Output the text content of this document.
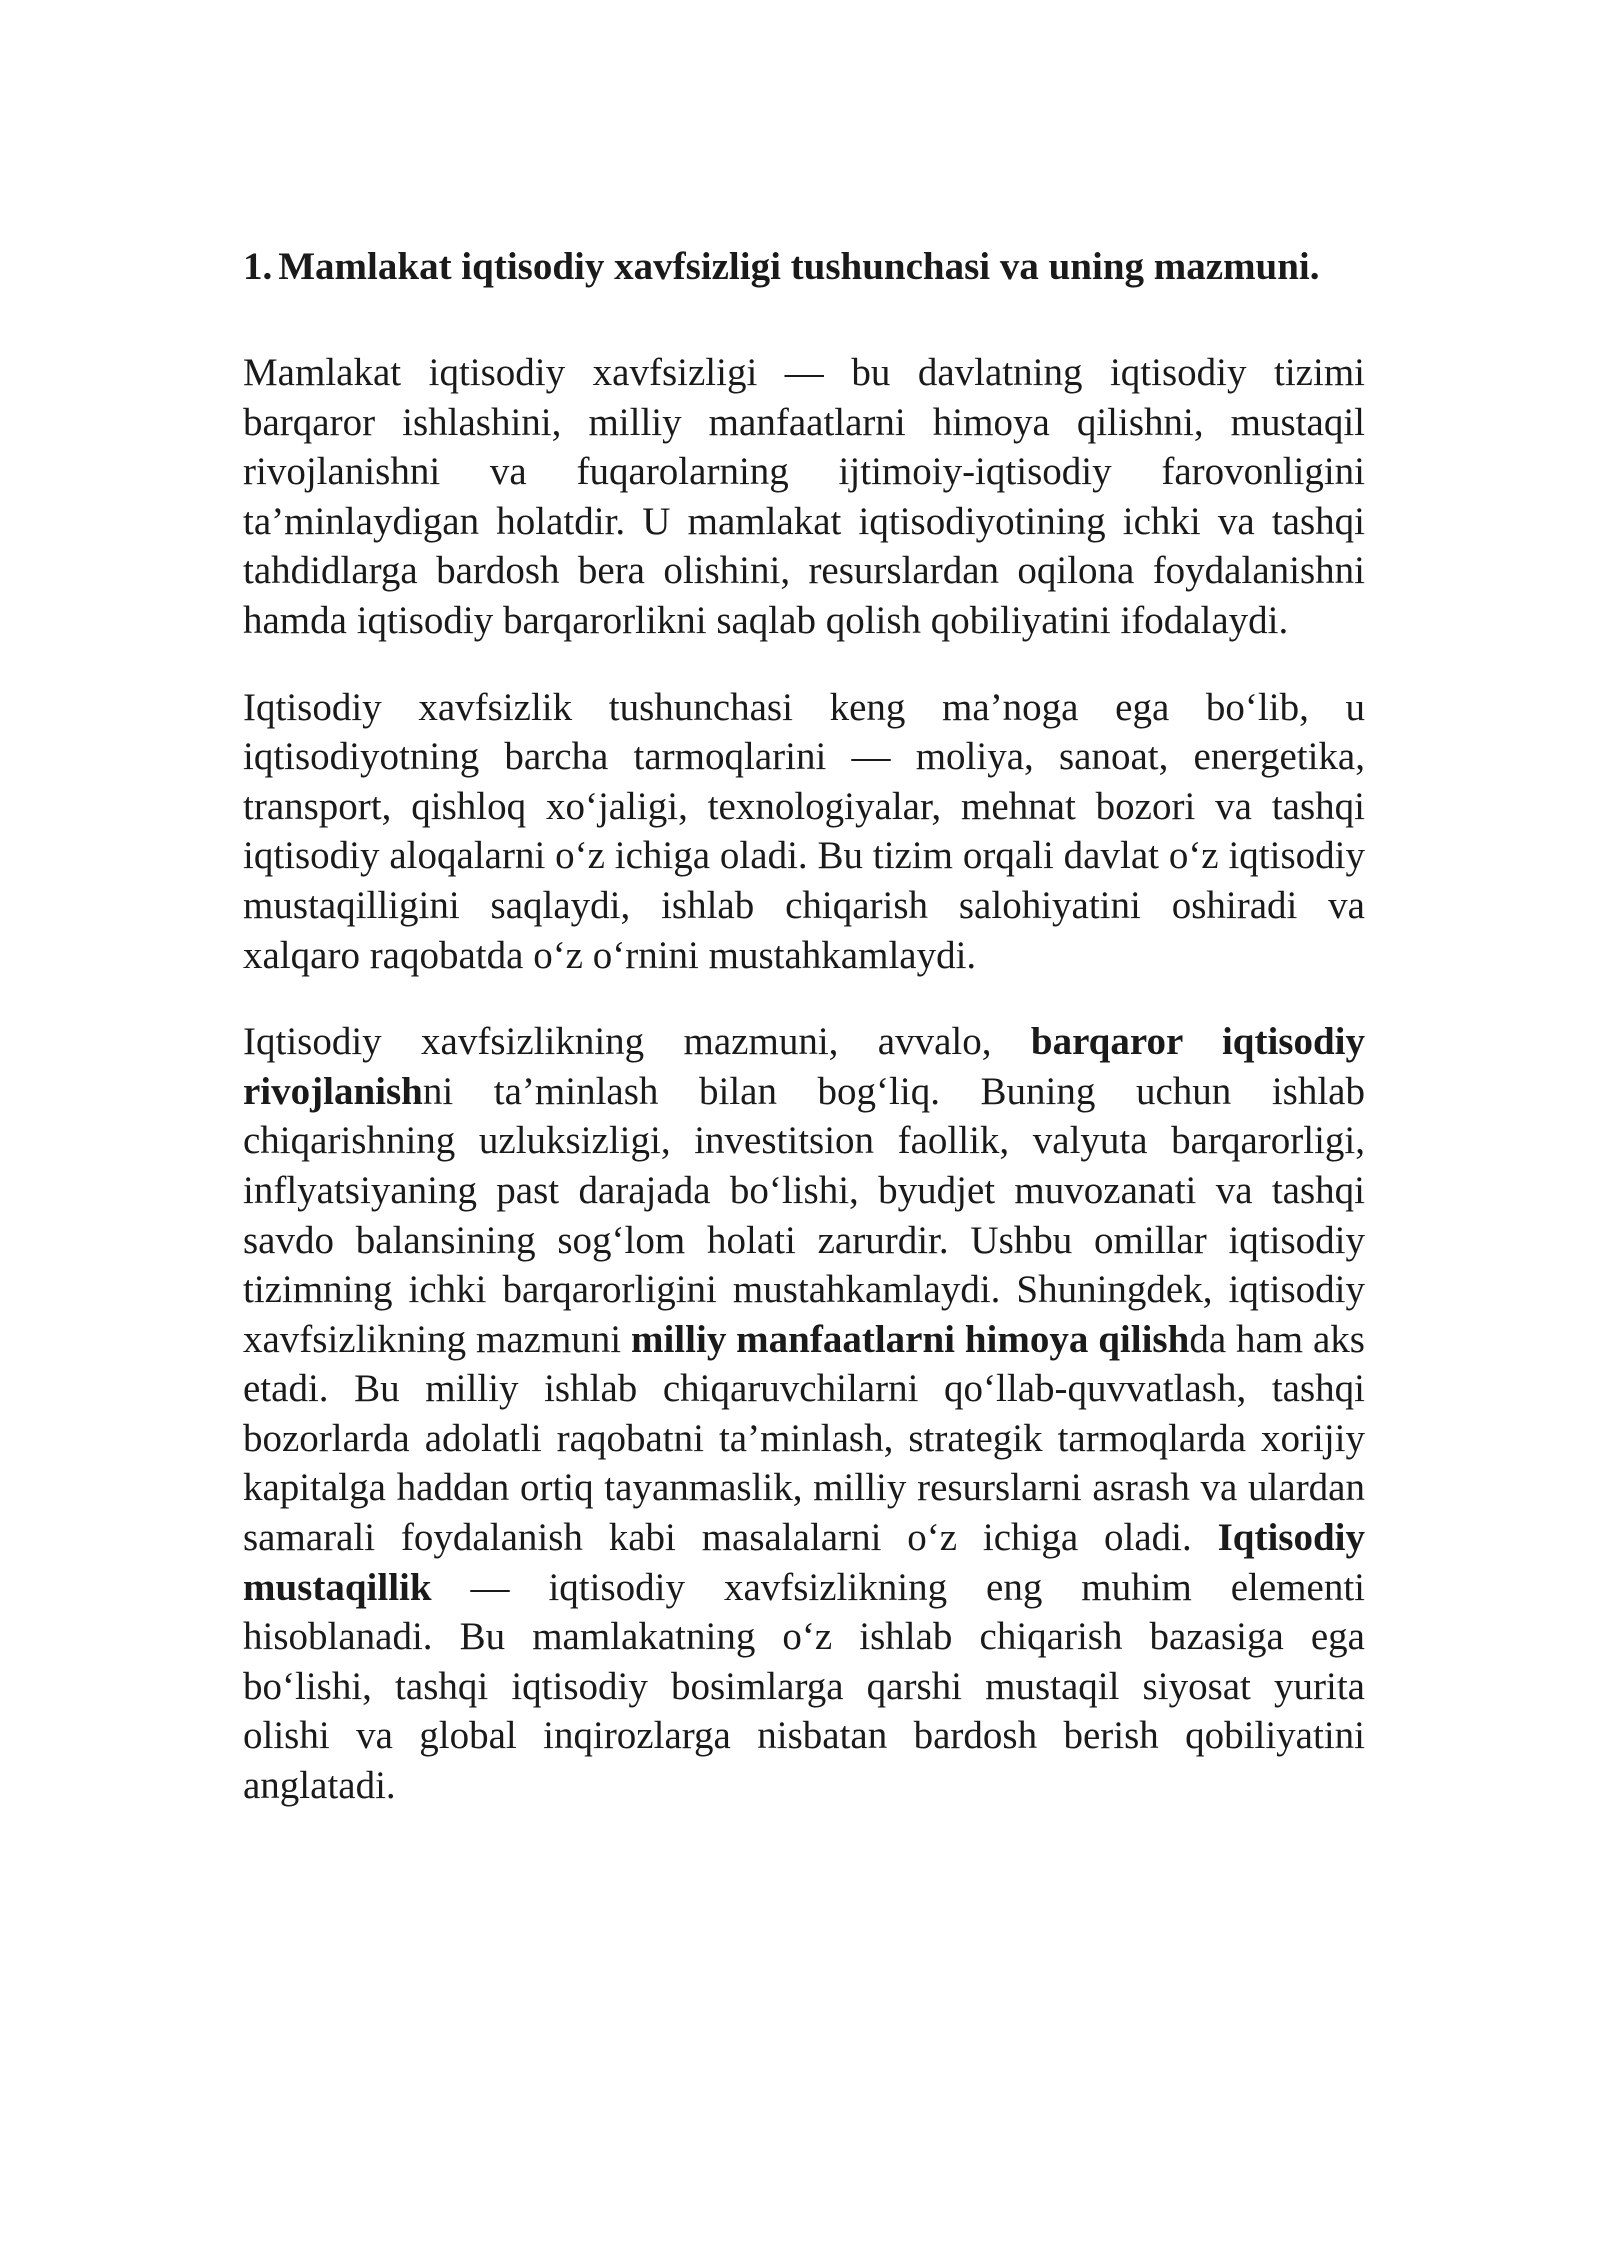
1. Mamlakat iqtisodiy xavfsizligi tushunchasi va uning mazmuni.

Mamlakat iqtisodiy xavfsizligi — bu davlatning iqtisodiy tizimi barqaror ishlashini, milliy manfaatlarni himoya qilishni, mustaqil rivojlanishni va fuqarolarning ijtimoiy-iqtisodiy farovonligini ta’minlaydigan holatdir. U mamlakat iqtisodiyotining ichki va tashqi tahdidlarga bardosh bera olishini, resurslardan oqilona foydalanishni hamda iqtisodiy barqarorlikni saqlab qolish qobiliyatini ifodalaydi.

Iqtisodiy xavfsizlik tushunchasi keng ma’noga ega bo‘lib, u iqtisodiyotning barcha tarmoqlarini — moliya, sanoat, energetika, transport, qishloq xo‘jaligi, texnologiyalar, mehnat bozori va tashqi iqtisodiy aloqalarni o‘z ichiga oladi. Bu tizim orqali davlat o‘z iqtisodiy mustaqilligini saqlaydi, ishlab chiqarish salohiyatini oshiradi va xalqaro raqobatda o‘z o‘rnini mustahkamlaydi.

Iqtisodiy xavfsizlikning mazmuni, avvalo, barqaror iqtisodiy rivojlanishni ta’minlash bilan bog‘liq. Buning uchun ishlab chiqarishning uzluksizligi, investitsion faollik, valyuta barqarorligi, inflyatsiyaning past darajada bo‘lishi, byudjet muvozanati va tashqi savdo balansining sog‘lom holati zarurdir. Ushbu omillar iqtisodiy tizimning ichki barqarorligini mustahkamlaydi. Shuningdek, iqtisodiy xavfsizlikning mazmuni milliy manfaatlarni himoya qilishda ham aks etadi. Bu milliy ishlab chiqaruvchilarni qo‘llab-quvvatlash, tashqi bozorlarda adolatli raqobatni ta’minlash, strategik tarmoqlarda xorijiy kapitalga haddan ortiq tayanmaslik, milliy resurslarni asrash va ulardan samarali foydalanish kabi masalalarni o‘z ichiga oladi. Iqtisodiy mustaqillik — iqtisodiy xavfsizlikning eng muhim elementi hisoblanadi. Bu mamlakatning o‘z ishlab chiqarish bazasiga ega bo‘lishi, tashqi iqtisodiy bosimlarga qarshi mustaqil siyosat yurita olishi va global inqirozlarga nisbatan bardosh berish qobiliyatini anglatadi.
